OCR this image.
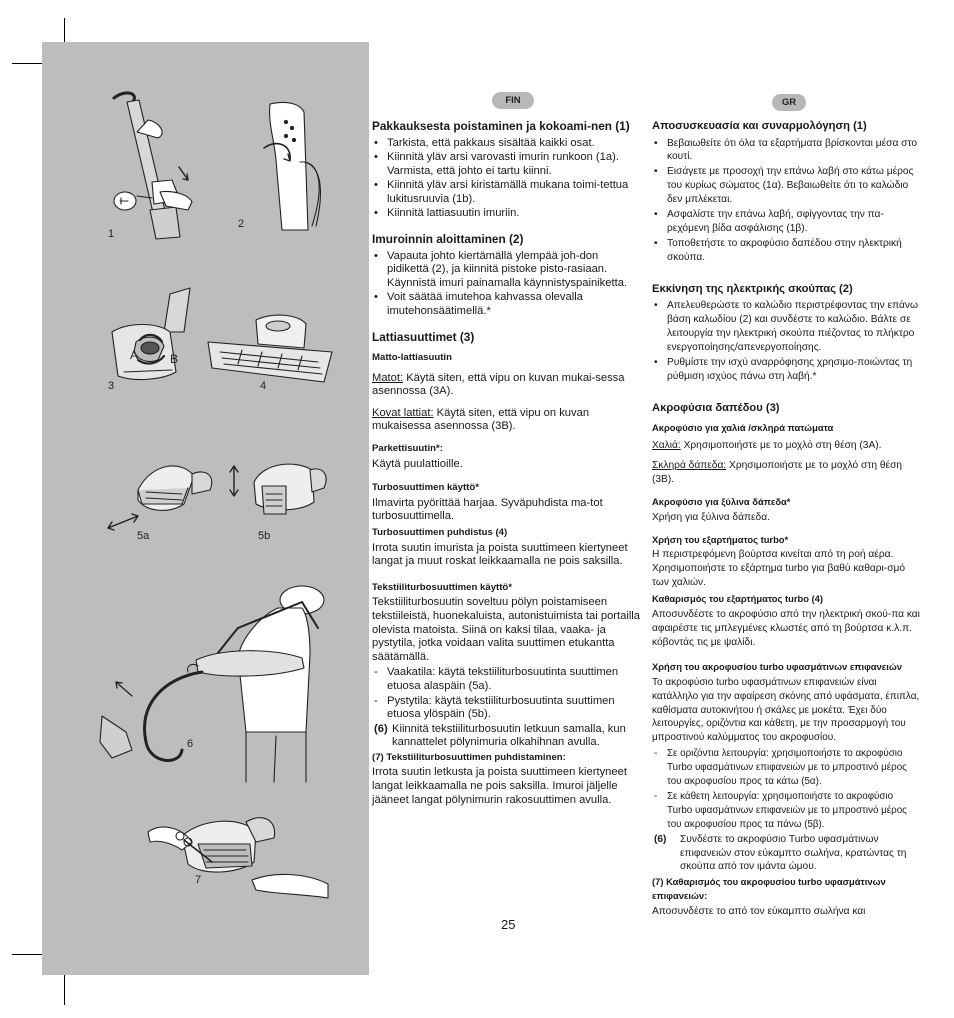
1
2
3	4
5a	5b
6
7
A	B
FIN	GR
Pakkauksesta poistaminen ja kokoami-nen (1)
• Tarkista, että pakkaus sisältää kaikki osat.
• Kiinnitä yläv arsi varovasti imurin runkoon (1a). Varmista, että johto ei tartu kiinni.
• Kiinnitä yläv arsi kiristämällä mukana toimi-tettua lukitusruuvia (1b).
• Kiinnitä lattiasuutin imuriin.
Imuroinnin aloittaminen (2)
• Vapauta johto kiertämällä ylempää joh-don pidikettä (2), ja kiinnitä pistoke pisto-rasiaan. Käynnistä imuri painamalla käynnistyspainiketta.
• Voit säätää imutehoa kahvassa olevalla imutehonsäätimellä.*
Lattiasuuttimet (3)
Matto-lattiasuutin

Matot: Käytä siten, että vipu on kuvan mukai-sessa asennossa (3A).

Kovat lattiat: Käytä siten, että vipu on kuvan mukaisessa asennossa (3B).

Parkettisuutin*:

Käytä puulattioille.

Turbosuuttimen käyttö*

Ilmavirta pyörittää harjaa. Syväpuhdista ma-tot turbosuuttimella.

Turbosuuttimen puhdistus (4)

Irrota suutin imurista ja poista suuttimeen kiertyneet langat ja muut roskat leikkaamalla ne pois saksilla.

Tekstiiliturbosuuttimen käyttö*

Tekstiiliturbosuutin soveltuu pölyn poistamiseen tekstiileistä, huonekaluista, autonistuimista tai portailla olevista matoista. Siinä on kaksi tilaa, vaaka- ja pystytila, jotka voidaan valita suuttimen etukantta säätämällä.

- Vaakatila: käytä tekstiiliturbosuutinta suuttimen etuosa alaspäin (5a).
- Pystytila: käytä tekstiiliturbosuutinta suuttimen etuosa ylöspäin (5b).
(6) Kiinnitä tekstiiliturbosuutin letkuun samalla, kun kannattelet pölynimuria olkahihnan avulla.
(7) Tekstiiliturbosuuttimen puhdistaminen:

Irrota suutin letkusta ja poista suuttimeen kiertyneet langat leikkaamalla ne pois saksilla. Imuroi jäljelle jääneet langat pölynimurin rakosuuttimen avulla.

Αποσυσκευασία και συναρμολόγηση (1)
• Βεβαιωθείτε ότι όλα τα εξαρτήματα βρίσκονται μέσα στο κουτί.
• Εισάγετε με προσοχή την επάνω λαβή στο κάτω μέρος του κυρίως σώματος (1α). Βεβαιωθείτε ότι το καλώδιο δεν μπλέκεται.
• Ασφαλίστε την επάνω λαβή, σφίγγοντας την πα-ρεχόμενη βίδα ασφάλισης (1β).
• Τοποθετήστε το ακροφύσιο δαπέδου στην ηλεκτρική σκούπα.
Εκκίνηση της ηλεκτρικής σκούπας (2)
• Απελευθερώστε το καλώδιο περιστρέφοντας την επάνω βάση καλωδίου (2) και συνδέστε το καλώδιο. Βάλτε σε λειτουργία την ηλεκτρική σκούπα πιέζοντας το πλήκτρο ενεργοποίησης/απενεργοποίησης.
• Ρυθμίστε την ισχύ αναρρόφησης χρησιμο-ποιώντας τη ρύθμιση ισχύος πάνω στη λαβή.*
Ακροφύσια δαπέδου (3)
Ακροφύσιο για χαλιά /σκληρά πατώματα

Χαλιά: Χρησιμοποιήστε με το μοχλό στη θέση (3A).

Σκληρά δάπεδα: Χρησιμοποιήστε με το μοχλό στη θέση (3B).

Ακροφύσιο για ξύλινα δάπεδα*

Χρήση για ξύλινα δάπεδα.

Χρήση του εξαρτήματος turbo*

Η περιστρεφόμενη βούρτσα κινείται από τη ροή αέρα. Χρησιμοποιήστε το εξάρτημα turbo για βαθύ καθαρι-σμό των χαλιών.

Καθαρισμός του εξαρτήματος turbo (4)

Αποσυνδέστε το ακροφύσιο από την ηλεκτρική σκού-πα και αφαιρέστε τις μπλεγμένες κλωστές από τη βούρτσα κ.λ.π. κόβοντάς τις με ψαλίδι.

Χρήση του ακροφυσίου turbo υφασμάτινων επιφανειών

Το ακροφύσιο turbo υφασμάτινων επιφανειών είναι κατάλληλο για την αφαίρεση σκόνης από υφάσματα, έπιπλα, καθίσματα αυτοκινήτου ή σκάλες με μοκέτα. Έχει δύο λειτουργίες, οριζόντια και κάθετη, με την προσαρμογή του μπροστινού καλύμματος του ακροφυσίου.

- Σε οριζόντια λειτουργία: χρησιμοποιήστε το ακροφύσιο Turbo υφασμάτινων επιφανειών με το μπροστινό μέρος του ακροφυσίου προς τα κάτω (5α).
- Σε κάθετη λειτουργία: χρησιμοποιήστε το ακροφύσιο Turbo υφασμάτινων επιφανειών με το μπροστινό μέρος του ακροφυσίου προς τα πάνω (5β).
(6) Συνδέστε το ακροφύσιο Turbo υφασμάτινων επιφανειών στον εύκαμπτο σωλήνα, κρατώντας τη σκούπα από τον ιμάντα ώμου.
(7) Καθαρισμός του ακροφυσίου turbo υφασμάτινων επιφανειών:

Αποσυνδέστε το από τον εύκαμπτο σωλήνα και

25
